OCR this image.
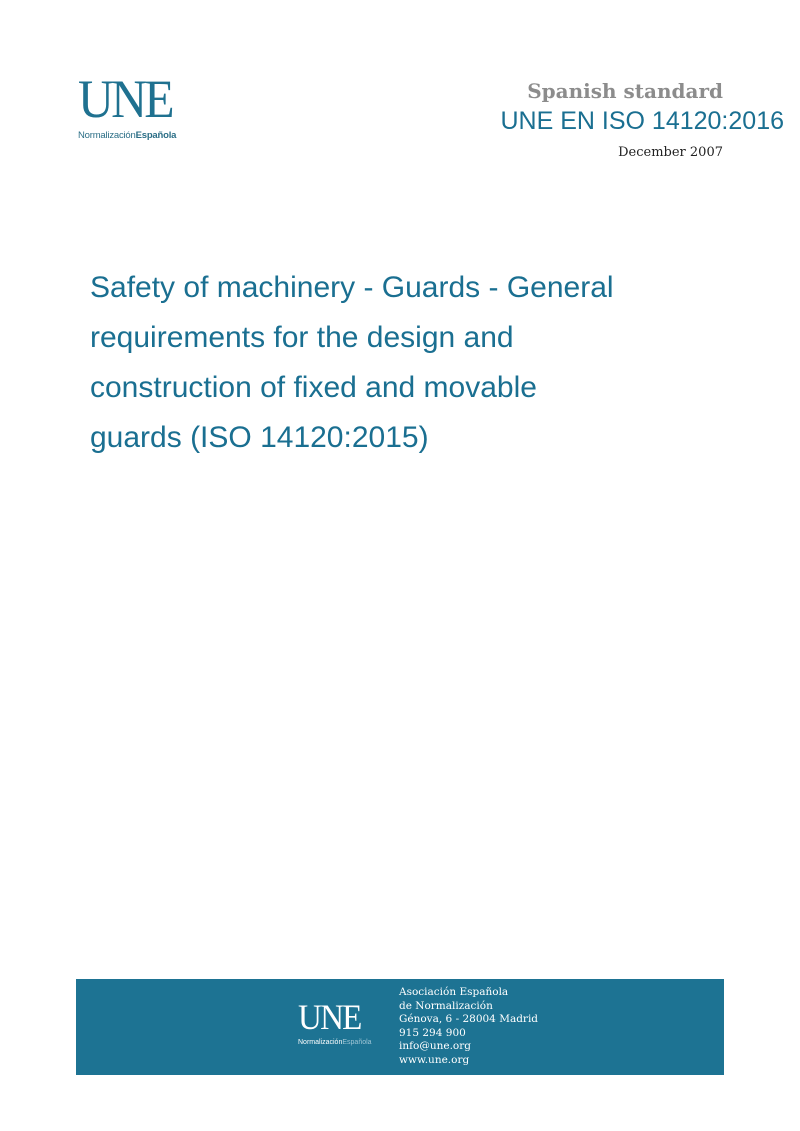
UNE
NormalizaciónEspañola
Spanish standard
UNE EN ISO 14120:2016
December 2007
Safety of machinery - Guards - General
requirements for the design and
construction of fixed and movable
guards (ISO 14120:2015)
UNE
NormalizaciónEspañola
Asociación Española
de Normalización
Génova, 6 - 28004 Madrid
915 294 900
info@une.org
www.une.org
